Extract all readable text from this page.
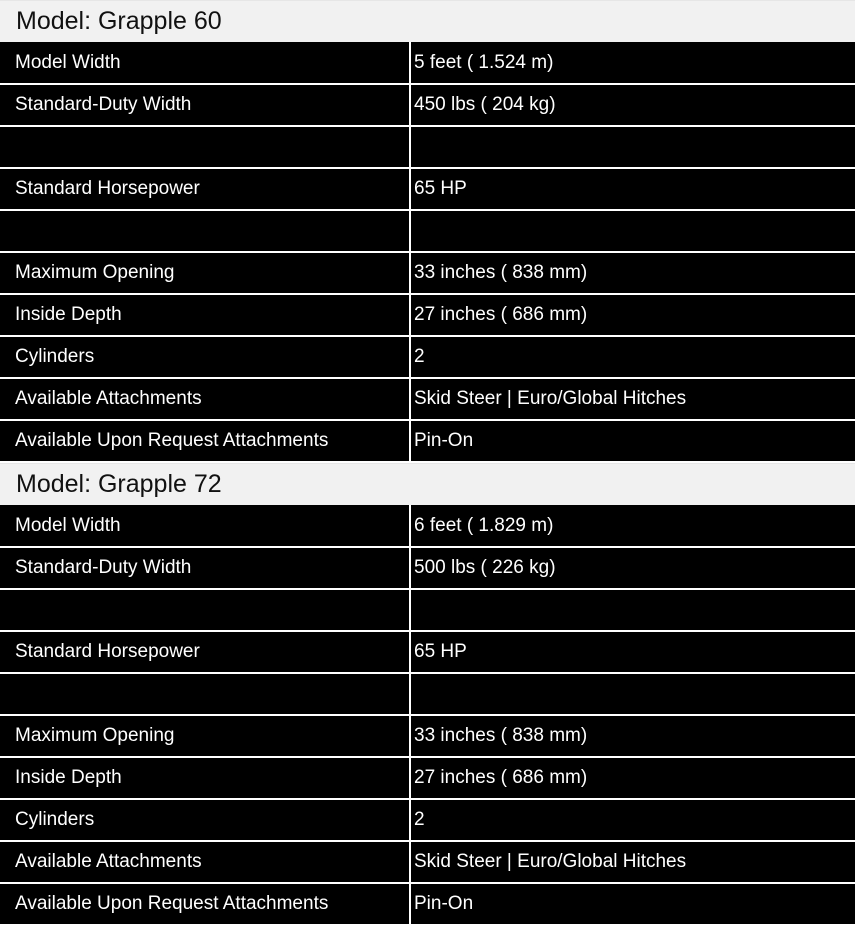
Model: Grapple 60
Model Width	5 feet ( 1.524 m)
Standard-Duty Width	450 lbs ( 204 kg)

Standard Horsepower	65 HP

Maximum Opening	33 inches ( 838 mm)
Inside Depth	27 inches ( 686 mm)
Cylinders	2
Available Attachments	Skid Steer | Euro/Global Hitches
Available Upon Request Attachments	Pin-On
Model: Grapple 72
Model Width	6 feet ( 1.829 m)
Standard-Duty Width	500 lbs ( 226 kg)

Standard Horsepower	65 HP

Maximum Opening	33 inches ( 838 mm)
Inside Depth	27 inches ( 686 mm)
Cylinders	2
Available Attachments	Skid Steer | Euro/Global Hitches
Available Upon Request Attachments	Pin-On
